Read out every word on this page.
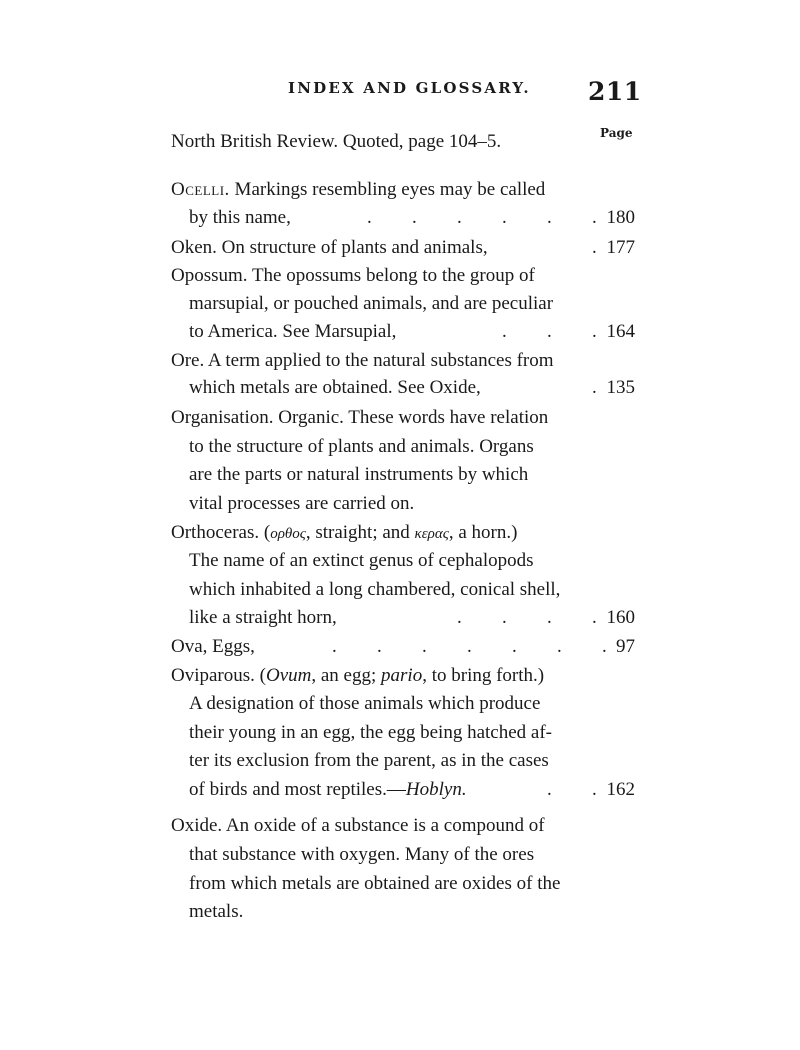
INDEX AND GLOSSARY. 211
Page
North British Review. Quoted, page 104–5.
Ocelli. Markings resembling eyes may be called
by this name,	180
. . . . . .
Oken. On structure of plants and animals,	177
.
Opossum. The opossums belong to the group of
marsupial, or pouched animals, and are peculiar
to America. See Marsupial,	164
. . .
Ore. A term applied to the natural substances from
which metals are obtained. See Oxide,	135
.
Organisation. Organic. These words have relation
to the structure of plants and animals. Organs
are the parts or natural instruments by which
vital processes are carried on.
Orthoceras. (ορθος, straight; and κερας, a horn.)
The name of an extinct genus of cephalopods
which inhabited a long chambered, conical shell,
like a straight horn,	160
. . . .
Ova, Eggs,	97
. . . . . . .
Oviparous. (Ovum, an egg; pario, to bring forth.)
A designation of those animals which produce
their young in an egg, the egg being hatched af-
ter its exclusion from the parent, as in the cases
of birds and most reptiles.—Hoblyn.	162
. .
Oxide. An oxide of a substance is a compound of
that substance with oxygen. Many of the ores
from which metals are obtained are oxides of the
metals.
